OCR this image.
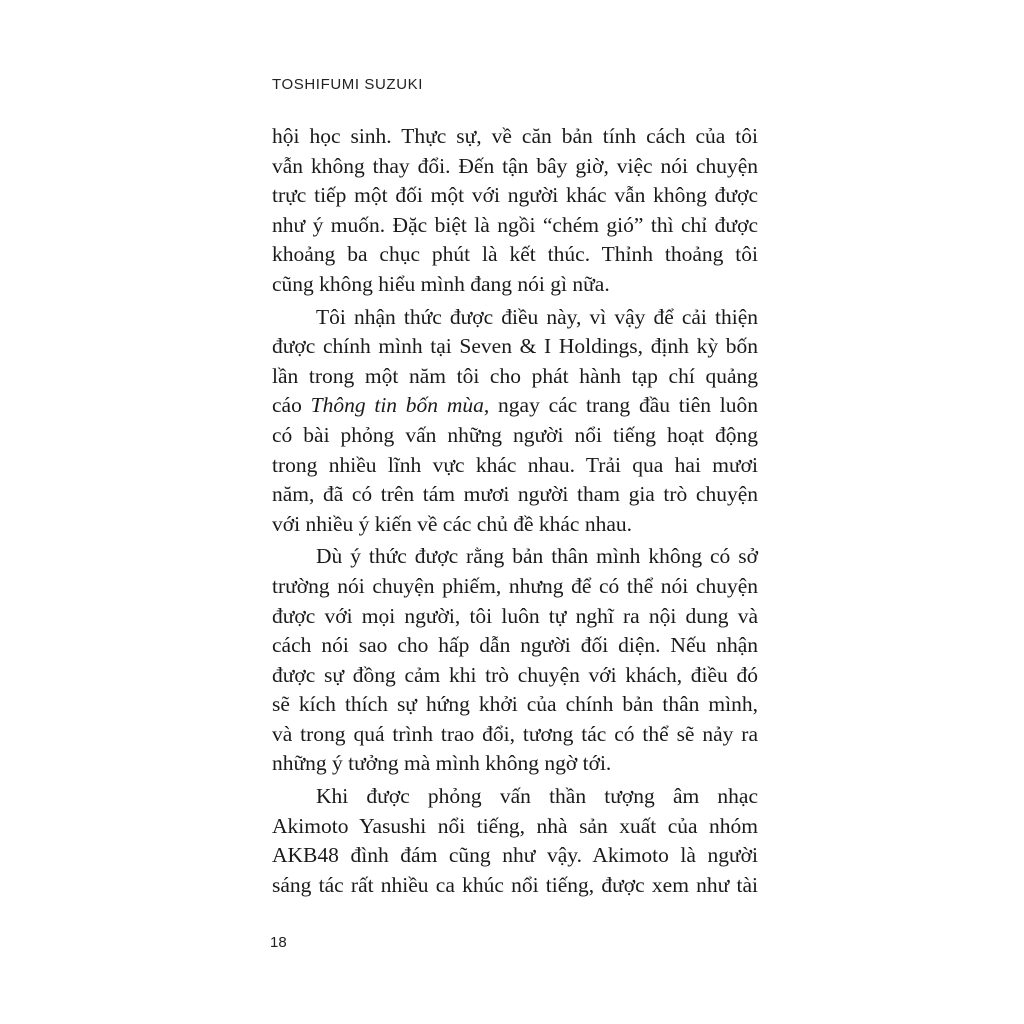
TOSHIFUMI SUZUKI

hội học sinh. Thực sự, về căn bản tính cách của tôi
vẫn không thay đổi. Đến tận bây giờ, việc nói chuyện
trực tiếp một đối một với người khác vẫn không được
như ý muốn. Đặc biệt là ngồi “chém gió” thì chỉ được
khoảng ba chục phút là kết thúc. Thỉnh thoảng tôi
cũng không hiểu mình đang nói gì nữa.

Tôi nhận thức được điều này, vì vậy để cải thiện
được chính mình tại Seven & I Holdings, định kỳ bốn
lần trong một năm tôi cho phát hành tạp chí quảng
cáo Thông tin bốn mùa, ngay các trang đầu tiên luôn
có bài phỏng vấn những người nổi tiếng hoạt động
trong nhiều lĩnh vực khác nhau. Trải qua hai mươi
năm, đã có trên tám mươi người tham gia trò chuyện
với nhiều ý kiến về các chủ đề khác nhau.

Dù ý thức được rằng bản thân mình không có sở
trường nói chuyện phiếm, nhưng để có thể nói chuyện
được với mọi người, tôi luôn tự nghĩ ra nội dung và
cách nói sao cho hấp dẫn người đối diện. Nếu nhận
được sự đồng cảm khi trò chuyện với khách, điều đó
sẽ kích thích sự hứng khởi của chính bản thân mình,
và trong quá trình trao đổi, tương tác có thể sẽ nảy ra
những ý tưởng mà mình không ngờ tới.

Khi được phỏng vấn thần tượng âm nhạc
Akimoto Yasushi nổi tiếng, nhà sản xuất của nhóm
AKB48 đình đám cũng như vậy. Akimoto là người
sáng tác rất nhiều ca khúc nổi tiếng, được xem như tài

18
